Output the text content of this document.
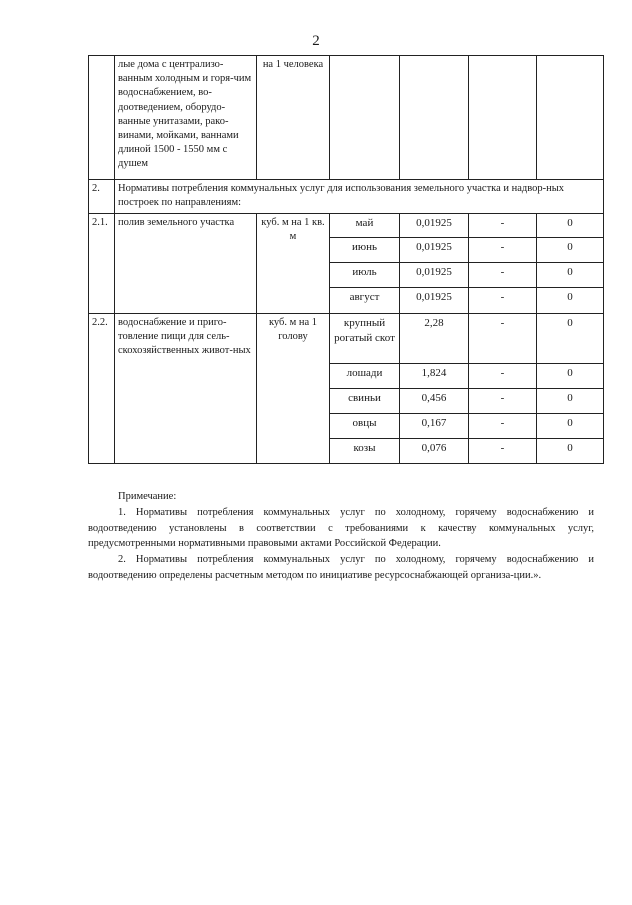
2
	лые дома с централизо-ванным холодным и горя-чим водоснабжением, во-доотведением, оборудо-ванные унитазами, рако-винами, мойками, ваннами длиной 1500 - 1550 мм с душем	на 1 человека				
2.	Нормативы потребления коммунальных услуг для использования земельного участка и надвор-ных построек по направлениям:					
2.1.	полив земельного участка	куб. м на 1 кв. м	май	0,01925	-	0
			июнь	0,01925	-	0
			июль	0,01925	-	0
			август	0,01925	-	0
2.2.	водоснабжение и приго-товление пищи для сель-скохозяйственных живот-ных	куб. м на 1 голову	крупный рогатый скот	2,28	-	0
			лошади	1,824	-	0
			свиньи	0,456	-	0
			овцы	0,167	-	0
			козы	0,076	-	0

Примечание:

1. Нормативы потребления коммунальных услуг по холодному, горячему водоснабжению и водоотведению установлены в соответствии с требованиями к качеству коммунальных услуг, предусмотренными нормативными правовыми актами Российской Федерации.

2. Нормативы потребления коммунальных услуг по холодному, горячему водоснабжению и водоотведению определены расчетным методом по инициативе ресурсоснабжающей организа-ции.».
